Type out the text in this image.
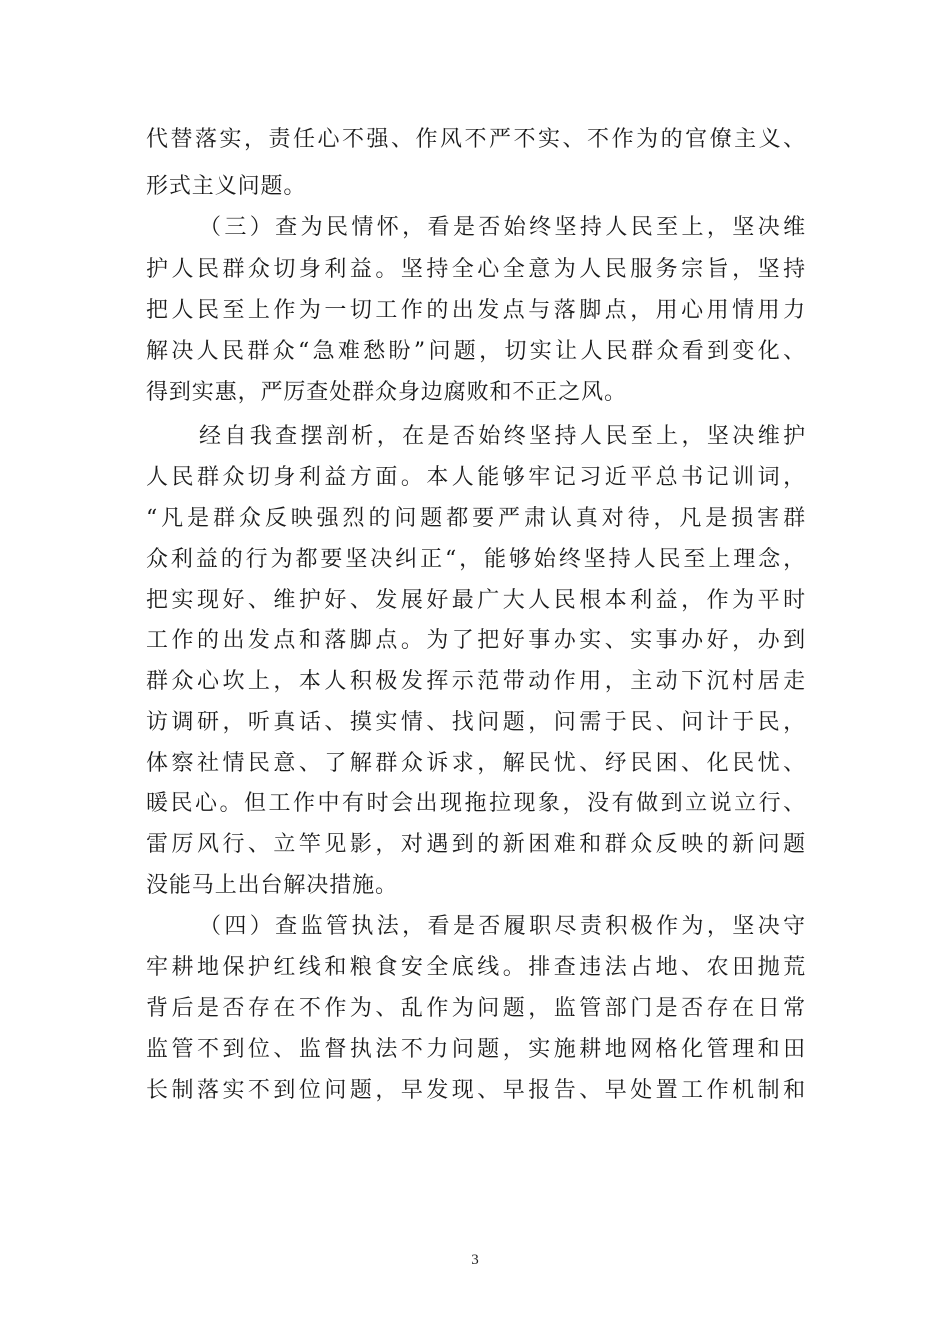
代替落实，责任心不强、作风不严不实、不作为的官僚主义、
形式主义问题。
（三）查为民情怀，看是否始终坚持人民至上，坚决维
护人民群众切身利益。坚持全心全意为人民服务宗旨，坚持
把人民至上作为一切工作的出发点与落脚点，用心用情用力
解决人民群众“急难愁盼”问题，切实让人民群众看到变化、
得到实惠，严厉查处群众身边腐败和不正之风。
经自我查摆剖析，在是否始终坚持人民至上，坚决维护
人民群众切身利益方面。本人能够牢记习近平总书记训词，
“凡是群众反映强烈的问题都要严肃认真对待，凡是损害群
众利益的行为都要坚决纠正“，能够始终坚持人民至上理念，
把实现好、维护好、发展好最广大人民根本利益，作为平时
工作的出发点和落脚点。为了把好事办实、实事办好，办到
群众心坎上，本人积极发挥示范带动作用，主动下沉村居走
访调研，听真话、摸实情、找问题，问需于民、问计于民，
体察社情民意、了解群众诉求，解民忧、纾民困、化民忧、
暖民心。但工作中有时会出现拖拉现象，没有做到立说立行、
雷厉风行、立竿见影，对遇到的新困难和群众反映的新问题
没能马上出台解决措施。
（四）查监管执法，看是否履职尽责积极作为，坚决守
牢耕地保护红线和粮食安全底线。排查违法占地、农田抛荒
背后是否存在不作为、乱作为问题，监管部门是否存在日常
监管不到位、监督执法不力问题，实施耕地网格化管理和田
长制落实不到位问题，早发现、早报告、早处置工作机制和
3
